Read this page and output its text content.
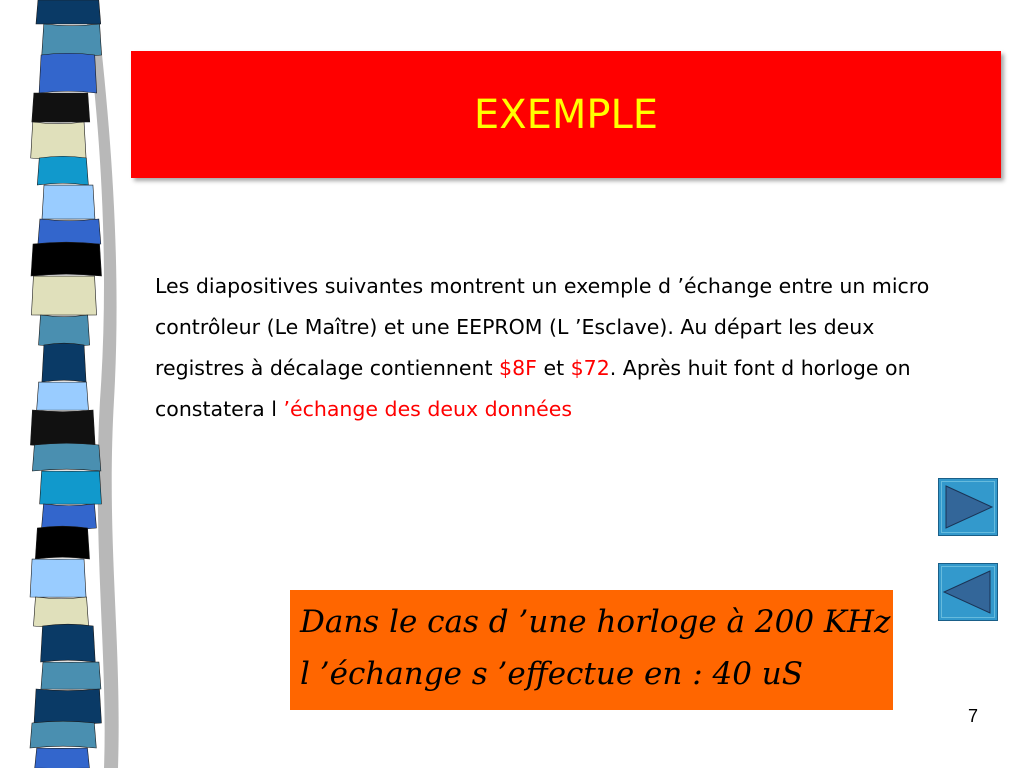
EXEMPLE
Les diapositives suivantes montrent un exemple d ’échange entre un micro
contrôleur (Le Maître) et une EEPROM (L ’Esclave). Au départ les deux
registres à décalage contiennent $8F et $72. Après huit font d horloge on
constatera l ’échange des deux données
Dans le cas d ’une horloge à 200 KHz
l ’échange s ’effectue en : 40 uS
7
